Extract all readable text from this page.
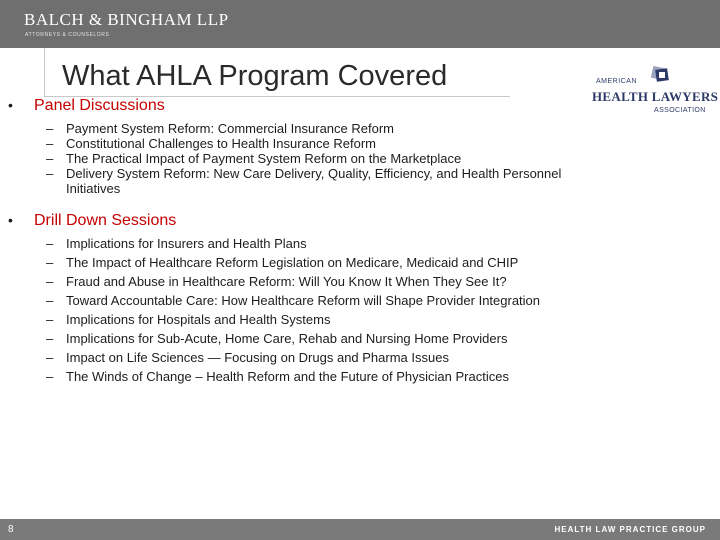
BALCH & BINGHAM LLP
ATTORNEYS & COUNSELORS
What AHLA Program Covered	AMERICAN
HEALTH LAWYERS
ASSOCIATION
• Panel Discussions
– Payment System Reform: Commercial Insurance Reform
– Constitutional Challenges to Health Insurance Reform
– The Practical Impact of Payment System Reform on the Marketplace
– Delivery System Reform: New Care Delivery, Quality, Efficiency, and Health Personnel Initiatives
• Drill Down Sessions
– Implications for Insurers and Health Plans
– The Impact of Healthcare Reform Legislation on Medicare, Medicaid and CHIP
– Fraud and Abuse in Healthcare Reform: Will You Know It When They See It?
– Toward Accountable Care: How Healthcare Reform will Shape Provider Integration
– Implications for Hospitals and Health Systems
– Implications for Sub-Acute, Home Care, Rehab and Nursing Home Providers
– Impact on Life Sciences — Focusing on Drugs and Pharma Issues
– The Winds of Change – Health Reform and the Future of Physician Practices
8	HEALTH LAW PRACTICE GROUP
